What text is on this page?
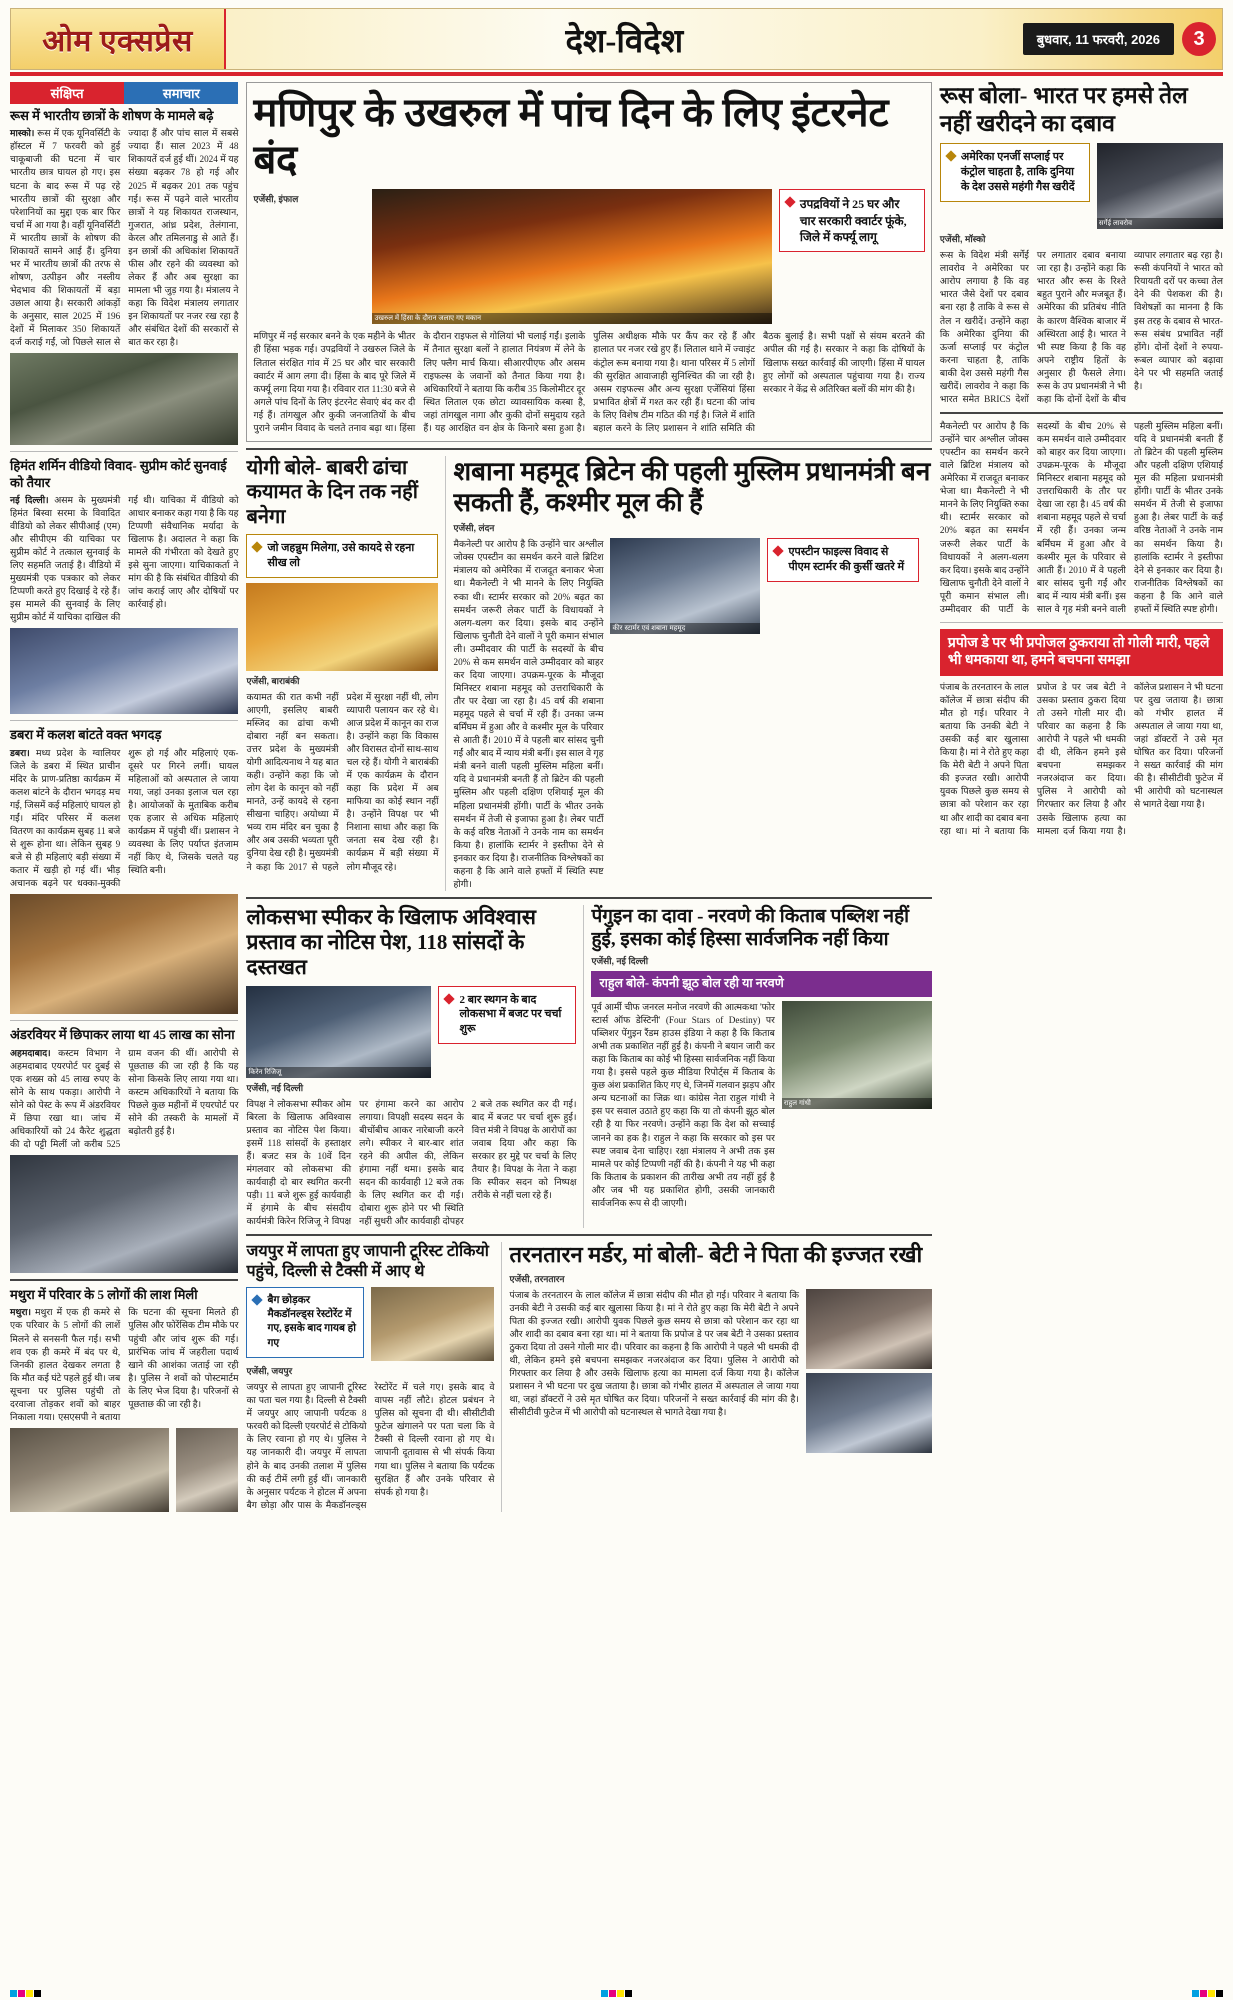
ओम एक्सप्रेस	देश-विदेश	बुधवार, 11 फरवरी, 2026	3
संक्षिप्त	समाचार
रूस में भारतीय छात्रों के शोषण के मामले बढ़े
मास्को। रूस में एक यूनिवर्सिटी के हॉस्टल में 7 फरवरी को हुई चाकूबाजी की घटना में चार भारतीय छात्र घायल हो गए। इस घटना के बाद रूस में पढ़ रहे भारतीय छात्रों की सुरक्षा और परेशानियों का मुद्दा एक बार फिर चर्चा में आ गया है। वहीं यूनिवर्सिटी में भारतीय छात्रों के शोषण की शिकायतें सामने आई हैं। दुनिया भर में भारतीय छात्रों की तरफ से शोषण, उत्पीड़न और नस्लीय भेदभाव की शिकायतों में बड़ा उछाल आया है। सरकारी आंकड़ों के अनुसार, साल 2025 में 196 देशों में मिलाकर 350 शिकायतें दर्ज कराई गईं, जो पिछले साल से ज्यादा हैं और पांच साल में सबसे ज्यादा हैं। साल 2023 में 48 शिकायतें दर्ज हुई थीं। 2024 में यह संख्या बढ़कर 78 हो गई और 2025 में बढ़कर 201 तक पहुंच गई। रूस में पढ़ने वाले भारतीय छात्रों ने यह शिकायत राजस्थान, गुजरात, आंध्र प्रदेश, तेलंगाना, केरल और तमिलनाडु से आते हैं। इन छात्रों की अधिकांश शिकायतें फीस और रहने की व्यवस्था को लेकर हैं और अब सुरक्षा का मामला भी जुड़ गया है। मंत्रालय ने कहा कि विदेश मंत्रालय लगातार इन शिकायतों पर नजर रख रहा है और संबंधित देशों की सरकारों से बात कर रहा है।
हिमंत शर्मिन वीडियो विवाद- सुप्रीम कोर्ट सुनवाई को तैयार
नई दिल्ली। असम के मुख्यमंत्री हिमंत बिस्वा सरमा के विवादित वीडियो को लेकर सीपीआई (एम) और सीपीएम की याचिका पर सुप्रीम कोर्ट ने तत्काल सुनवाई के लिए सहमति जताई है। वीडियो में मुख्यमंत्री एक पत्रकार को लेकर टिप्पणी करते हुए दिखाई दे रहे हैं। इस मामले की सुनवाई के लिए सुप्रीम कोर्ट में याचिका दाखिल की गई थी। याचिका में वीडियो को आधार बनाकर कहा गया है कि यह टिप्पणी संवैधानिक मर्यादा के खिलाफ है। अदालत ने कहा कि मामले की गंभीरता को देखते हुए इसे सुना जाएगा। याचिकाकर्ता ने मांग की है कि संबंधित वीडियो की जांच कराई जाए और दोषियों पर कार्रवाई हो।
डबरा में कलश बांटते वक्त भगदड़
डबरा। मध्य प्रदेश के ग्वालियर जिले के डबरा में स्थित प्राचीन मंदिर के प्राण-प्रतिष्ठा कार्यक्रम में कलश बांटने के दौरान भगदड़ मच गई, जिसमें कई महिलाएं घायल हो गईं। मंदिर परिसर में कलश वितरण का कार्यक्रम सुबह 11 बजे से शुरू होना था। लेकिन सुबह 9 बजे से ही महिलाएं बड़ी संख्या में कतार में खड़ी हो गई थीं। भीड़ अचानक बढ़ने पर धक्का-मुक्की शुरू हो गई और महिलाएं एक-दूसरे पर गिरने लगीं। घायल महिलाओं को अस्पताल ले जाया गया, जहां उनका इलाज चल रहा है। आयोजकों के मुताबिक करीब एक हजार से अधिक महिलाएं कार्यक्रम में पहुंची थीं। प्रशासन ने व्यवस्था के लिए पर्याप्त इंतजाम नहीं किए थे, जिसके चलते यह स्थिति बनी।
अंडरवियर में छिपाकर लाया था 45 लाख का सोना
अहमदाबाद। कस्टम विभाग ने अहमदाबाद एयरपोर्ट पर दुबई से एक शख्स को 45 लाख रुपए के सोने के साथ पकड़ा। आरोपी ने सोने को पेस्ट के रूप में अंडरवियर में छिपा रखा था। जांच में अधिकारियों को 24 कैरेट शुद्धता की दो पट्टी मिलीं जो करीब 525 ग्राम वजन की थीं। आरोपी से पूछताछ की जा रही है कि यह सोना किसके लिए लाया गया था। कस्टम अधिकारियों ने बताया कि पिछले कुछ महीनों में एयरपोर्ट पर सोने की तस्करी के मामलों में बढ़ोतरी हुई है।
मथुरा में परिवार के 5 लोगों की लाश मिली
मथुरा। मथुरा में एक ही कमरे से एक परिवार के 5 लोगों की लाशें मिलने से सनसनी फैल गई। सभी शव एक ही कमरे में बंद पर थे, जिनकी हालत देखकर लगता है कि मौत कई घंटे पहले हुई थी। जब सूचना पर पुलिस पहुंची तो दरवाजा तोड़कर शवों को बाहर निकाला गया। एसएसपी ने बताया कि घटना की सूचना मिलते ही पुलिस और फोरेंसिक टीम मौके पर पहुंची और जांच शुरू की गई। प्रारंभिक जांच में जहरीला पदार्थ खाने की आशंका जताई जा रही है। पुलिस ने शवों को पोस्टमार्टम के लिए भेज दिया है। परिजनों से पूछताछ की जा रही है।
मणिपुर के उखरुल में पांच दिन के लिए इंटरनेट बंद
एजेंसी, इंफाल
उखरुल में हिंसा के दौरान जलाए गए मकान
उपद्रवियों ने 25 घर और चार सरकारी क्वार्टर फूंके, जिले में कर्फ्यू लागू
मणिपुर में नई सरकार बनने के एक महीने के भीतर ही हिंसा भड़क गई। उपद्रवियों ने उखरुल जिले के लिताल संरक्षित गांव में 25 घर और चार सरकारी क्वार्टर में आग लगा दी। हिंसा के बाद पूरे जिले में कर्फ्यू लगा दिया गया है। रविवार रात 11:30 बजे से अगले पांच दिनों के लिए इंटरनेट सेवाएं बंद कर दी गई हैं। तांगखुल और कुकी जनजातियों के बीच पुराने जमीन विवाद के चलते तनाव बढ़ा था। हिंसा के दौरान राइफल से गोलियां भी चलाई गईं। इलाके में तैनात सुरक्षा बलों ने हालात नियंत्रण में लेने के लिए फ्लैग मार्च किया। सीआरपीएफ और असम राइफल्स के जवानों को तैनात किया गया है। अधिकारियों ने बताया कि करीब 35 किलोमीटर दूर स्थित लिताल एक छोटा व्यावसायिक कस्बा है, जहां तांगखुल नागा और कुकी दोनों समुदाय रहते हैं। यह आरक्षित वन क्षेत्र के किनारे बसा हुआ है। पुलिस अधीक्षक मौके पर कैंप कर रहे हैं और हालात पर नजर रखे हुए हैं। लिताल थाने में ज्वाइंट कंट्रोल रूम बनाया गया है। थाना परिसर में 5 लोगों की सुरक्षित आवाजाही सुनिश्चित की जा रही है। असम राइफल्स और अन्य सुरक्षा एजेंसियां हिंसा प्रभावित क्षेत्रों में गश्त कर रही हैं। घटना की जांच के लिए विशेष टीम गठित की गई है। जिले में शांति बहाल करने के लिए प्रशासन ने शांति समिति की बैठक बुलाई है। सभी पक्षों से संयम बरतने की अपील की गई है। सरकार ने कहा कि दोषियों के खिलाफ सख्त कार्रवाई की जाएगी। हिंसा में घायल हुए लोगों को अस्पताल पहुंचाया गया है। राज्य सरकार ने केंद्र से अतिरिक्त बलों की मांग की है।
योगी बोले- बाबरी ढांचा कयामत के दिन तक नहीं बनेगा
जो जहन्नुम मिलेगा, उसे कायदे से रहना सीख लो
एजेंसी, बाराबंकी
कयामत की रात कभी नहीं आएगी, इसलिए बाबरी मस्जिद का ढांचा कभी दोबारा नहीं बन सकता। उत्तर प्रदेश के मुख्यमंत्री योगी आदित्यनाथ ने यह बात कही। उन्होंने कहा कि जो लोग देश के कानून को नहीं मानते, उन्हें कायदे से रहना सीखना चाहिए। अयोध्या में भव्य राम मंदिर बन चुका है और अब उसकी भव्यता पूरी दुनिया देख रही है। मुख्यमंत्री ने कहा कि 2017 से पहले प्रदेश में सुरक्षा नहीं थी, लोग व्यापारी पलायन कर रहे थे। आज प्रदेश में कानून का राज है। उन्होंने कहा कि विकास और विरासत दोनों साथ-साथ चल रहे हैं। योगी ने बाराबंकी में एक कार्यक्रम के दौरान कहा कि प्रदेश में अब माफिया का कोई स्थान नहीं है। उन्होंने विपक्ष पर भी निशाना साधा और कहा कि जनता सब देख रही है। कार्यक्रम में बड़ी संख्या में लोग मौजूद रहे।
शबाना महमूद ब्रिटेन की पहली मुस्लिम प्रधानमंत्री बन सकती हैं, कश्मीर मूल की हैं
एजेंसी, लंदन
मैकनेल्टी पर आरोप है कि उन्होंने चार अश्लील जोक्स एपस्टीन का समर्थन करने वाले ब्रिटिश मंत्रालय को अमेरिका में राजदूत बनाकर भेजा था। मैकनेल्टी ने भी मानने के लिए नियुक्ति रुका थी। स्टार्मर सरकार को 20% बढ़त का समर्थन जरूरी लेकर पार्टी के विधायकों ने अलग-थलग कर दिया। इसके बाद उन्होंने खिलाफ चुनौती देने वालों ने पूरी कमान संभाल ली। उम्मीदवार की पार्टी के सदस्यों के बीच 20% से कम समर्थन वाले उम्मीदवार को बाहर कर दिया जाएगा। उपक्रम-पूरक के मौजूदा मिनिस्टर शबाना महमूद को उत्तराधिकारी के तौर पर देखा जा रहा है। 45 वर्ष की शबाना महमूद पहले से चर्चा में रही हैं। उनका जन्म बर्मिंघम में हुआ और वे कश्मीर मूल के परिवार से आती हैं। 2010 में वे पहली बार सांसद चुनी गईं और बाद में न्याय मंत्री बनीं। इस साल वे गृह मंत्री बनने वाली पहली मुस्लिम महिला बनीं। यदि वे प्रधानमंत्री बनती हैं तो ब्रिटेन की पहली मुस्लिम और पहली दक्षिण एशियाई मूल की महिला प्रधानमंत्री होंगी। पार्टी के भीतर उनके समर्थन में तेजी से इजाफा हुआ है। लेबर पार्टी के कई वरिष्ठ नेताओं ने उनके नाम का समर्थन किया है। हालांकि स्टार्मर ने इस्तीफा देने से इनकार कर दिया है। राजनीतिक विश्लेषकों का कहना है कि आने वाले हफ्तों में स्थिति स्पष्ट होगी।
कीर स्टार्मर एवं शबाना महमूद
एपस्टीन फाइल्स विवाद से पीएम स्टार्मर की कुर्सी खतरे में
लोकसभा स्पीकर के खिलाफ अविश्वास प्रस्ताव का नोटिस पेश, 118 सांसदों के दस्तखत
किरेन रिजिजू
2 बार स्थगन के बाद लोकसभा में बजट पर चर्चा शुरू
एजेंसी, नई दिल्ली
विपक्ष ने लोकसभा स्पीकर ओम बिरला के खिलाफ अविश्वास प्रस्ताव का नोटिस पेश किया। इसमें 118 सांसदों के हस्ताक्षर हैं। बजट सत्र के 10वें दिन मंगलवार को लोकसभा की कार्यवाही दो बार स्थगित करनी पड़ी। 11 बजे शुरू हुई कार्यवाही में हंगामे के बीच संसदीय कार्यमंत्री किरेन रिजिजू ने विपक्ष पर हंगामा करने का आरोप लगाया। विपक्षी सदस्य सदन के बीचोंबीच आकर नारेबाजी करने लगे। स्पीकर ने बार-बार शांत रहने की अपील की, लेकिन हंगामा नहीं थमा। इसके बाद सदन की कार्यवाही 12 बजे तक के लिए स्थगित कर दी गई। दोबारा शुरू होने पर भी स्थिति नहीं सुधरी और कार्यवाही दोपहर 2 बजे तक स्थगित कर दी गई। बाद में बजट पर चर्चा शुरू हुई। वित्त मंत्री ने विपक्ष के आरोपों का जवाब दिया और कहा कि सरकार हर मुद्दे पर चर्चा के लिए तैयार है। विपक्ष के नेता ने कहा कि स्पीकर सदन को निष्पक्ष तरीके से नहीं चला रहे हैं।
पेंगुइन का दावा - नरवणे की किताब पब्लिश नहीं हुई, इसका कोई हिस्सा सार्वजनिक नहीं किया
एजेंसी, नई दिल्ली
राहुल बोले- कंपनी झूठ बोल रही या नरवणे
पूर्व आर्मी चीफ जनरल मनोज नरवणे की आत्मकथा 'फोर स्टार्स ऑफ डेस्टिनी' (Four Stars of Destiny) पर पब्लिशर पेंगुइन रैंडम हाउस इंडिया ने कहा है कि किताब अभी तक प्रकाशित नहीं हुई है। कंपनी ने बयान जारी कर कहा कि किताब का कोई भी हिस्सा सार्वजनिक नहीं किया गया है। इससे पहले कुछ मीडिया रिपोर्ट्स में किताब के कुछ अंश प्रकाशित किए गए थे, जिनमें गलवान झड़प और अन्य घटनाओं का जिक्र था। कांग्रेस नेता राहुल गांधी ने इस पर सवाल उठाते हुए कहा कि या तो कंपनी झूठ बोल रही है या फिर नरवणे। उन्होंने कहा कि देश को सच्चाई जानने का हक है। राहुल ने कहा कि सरकार को इस पर स्पष्ट जवाब देना चाहिए। रक्षा मंत्रालय ने अभी तक इस मामले पर कोई टिप्पणी नहीं की है। कंपनी ने यह भी कहा कि किताब के प्रकाशन की तारीख अभी तय नहीं हुई है और जब भी यह प्रकाशित होगी, उसकी जानकारी सार्वजनिक रूप से दी जाएगी।
राहुल गांधी
जयपुर में लापता हुए जापानी टूरिस्ट टोकियो पहुंचे, दिल्ली से टैक्सी में आए थे
बैग छोड़कर मैकडॉनल्ड्स रेस्टोरेंट में गए, इसके बाद गायब हो गए
एजेंसी, जयपुर
जयपुर से लापता हुए जापानी टूरिस्ट का पता चल गया है। दिल्ली से टैक्सी में जयपुर आए जापानी पर्यटक 8 फरवरी को दिल्ली एयरपोर्ट से टोकियो के लिए रवाना हो गए थे। पुलिस ने यह जानकारी दी। जयपुर में लापता होने के बाद उनकी तलाश में पुलिस की कई टीमें लगी हुई थीं। जानकारी के अनुसार पर्यटक ने होटल में अपना बैग छोड़ा और पास के मैकडॉनल्ड्स रेस्टोरेंट में चले गए। इसके बाद वे वापस नहीं लौटे। होटल प्रबंधन ने पुलिस को सूचना दी थी। सीसीटीवी फुटेज खंगालने पर पता चला कि वे टैक्सी से दिल्ली रवाना हो गए थे। जापानी दूतावास से भी संपर्क किया गया था। पुलिस ने बताया कि पर्यटक सुरक्षित हैं और उनके परिवार से संपर्क हो गया है।
तरनतारन मर्डर, मां बोली- बेटी ने पिता की इज्जत रखी
एजेंसी, तरनतारन
पंजाब के तरनतारन के लाल कॉलेज में छात्रा संदीप की मौत हो गई। परिवार ने बताया कि उनकी बेटी ने उसकी कई बार खुलासा किया है। मां ने रोते हुए कहा कि मेरी बेटी ने अपने पिता की इज्जत रखी। आरोपी युवक पिछले कुछ समय से छात्रा को परेशान कर रहा था और शादी का दबाव बना रहा था। मां ने बताया कि प्रपोज डे पर जब बेटी ने उसका प्रस्ताव ठुकरा दिया तो उसने गोली मार दी। परिवार का कहना है कि आरोपी ने पहले भी धमकी दी थी, लेकिन हमने इसे बचपना समझकर नजरअंदाज कर दिया। पुलिस ने आरोपी को गिरफ्तार कर लिया है और उसके खिलाफ हत्या का मामला दर्ज किया गया है। कॉलेज प्रशासन ने भी घटना पर दुख जताया है। छात्रा को गंभीर हालत में अस्पताल ले जाया गया था, जहां डॉक्टरों ने उसे मृत घोषित कर दिया। परिजनों ने सख्त कार्रवाई की मांग की है। सीसीटीवी फुटेज में भी आरोपी को घटनास्थल से भागते देखा गया है।
रूस बोला- भारत पर हमसे तेल नहीं खरीदने का दबाव
अमेरिका एनर्जी सप्लाई पर कंट्रोल चाहता है, ताकि दुनिया के देश उससे महंगी गैस खरीदें
सर्गेई लावरोव
एजेंसी, मॉस्को
रूस के विदेश मंत्री सर्गेई लावरोव ने अमेरिका पर आरोप लगाया है कि वह भारत जैसे देशों पर दबाव बना रहा है ताकि वे रूस से तेल न खरीदें। उन्होंने कहा कि अमेरिका दुनिया की ऊर्जा सप्लाई पर कंट्रोल करना चाहता है, ताकि बाकी देश उससे महंगी गैस खरीदें। लावरोव ने कहा कि भारत समेत BRICS देशों पर लगातार दबाव बनाया जा रहा है। उन्होंने कहा कि भारत और रूस के रिश्ते बहुत पुराने और मजबूत हैं। अमेरिका की प्रतिबंध नीति के कारण वैश्विक बाजार में अस्थिरता आई है। भारत ने भी स्पष्ट किया है कि वह अपने राष्ट्रीय हितों के अनुसार ही फैसले लेगा। रूस के उप प्रधानमंत्री ने भी कहा कि दोनों देशों के बीच व्यापार लगातार बढ़ रहा है। रूसी कंपनियों ने भारत को रियायती दरों पर कच्चा तेल देने की पेशकश की है। विशेषज्ञों का मानना है कि इस तरह के दबाव से भारत-रूस संबंध प्रभावित नहीं होंगे। दोनों देशों ने रुपया-रूबल व्यापार को बढ़ावा देने पर भी सहमति जताई है।
मैकनेल्टी पर आरोप है कि उन्होंने चार अश्लील जोक्स एपस्टीन का समर्थन करने वाले ब्रिटिश मंत्रालय को अमेरिका में राजदूत बनाकर भेजा था। मैकनेल्टी ने भी मानने के लिए नियुक्ति रुका थी। स्टार्मर सरकार को 20% बढ़त का समर्थन जरूरी लेकर पार्टी के विधायकों ने अलग-थलग कर दिया। इसके बाद उन्होंने खिलाफ चुनौती देने वालों ने पूरी कमान संभाल ली। उम्मीदवार की पार्टी के सदस्यों के बीच 20% से कम समर्थन वाले उम्मीदवार को बाहर कर दिया जाएगा। उपक्रम-पूरक के मौजूदा मिनिस्टर शबाना महमूद को उत्तराधिकारी के तौर पर देखा जा रहा है। 45 वर्ष की शबाना महमूद पहले से चर्चा में रही हैं। उनका जन्म बर्मिंघम में हुआ और वे कश्मीर मूल के परिवार से आती हैं। 2010 में वे पहली बार सांसद चुनी गईं और बाद में न्याय मंत्री बनीं। इस साल वे गृह मंत्री बनने वाली पहली मुस्लिम महिला बनीं। यदि वे प्रधानमंत्री बनती हैं तो ब्रिटेन की पहली मुस्लिम और पहली दक्षिण एशियाई मूल की महिला प्रधानमंत्री होंगी। पार्टी के भीतर उनके समर्थन में तेजी से इजाफा हुआ है। लेबर पार्टी के कई वरिष्ठ नेताओं ने उनके नाम का समर्थन किया है। हालांकि स्टार्मर ने इस्तीफा देने से इनकार कर दिया है। राजनीतिक विश्लेषकों का कहना है कि आने वाले हफ्तों में स्थिति स्पष्ट होगी।
प्रपोज डे पर भी प्रपोजल ठुकराया तो गोली मारी, पहले भी धमकाया था, हमने बचपना समझा
पंजाब के तरनतारन के लाल कॉलेज में छात्रा संदीप की मौत हो गई। परिवार ने बताया कि उनकी बेटी ने उसकी कई बार खुलासा किया है। मां ने रोते हुए कहा कि मेरी बेटी ने अपने पिता की इज्जत रखी। आरोपी युवक पिछले कुछ समय से छात्रा को परेशान कर रहा था और शादी का दबाव बना रहा था। मां ने बताया कि प्रपोज डे पर जब बेटी ने उसका प्रस्ताव ठुकरा दिया तो उसने गोली मार दी। परिवार का कहना है कि आरोपी ने पहले भी धमकी दी थी, लेकिन हमने इसे बचपना समझकर नजरअंदाज कर दिया। पुलिस ने आरोपी को गिरफ्तार कर लिया है और उसके खिलाफ हत्या का मामला दर्ज किया गया है। कॉलेज प्रशासन ने भी घटना पर दुख जताया है। छात्रा को गंभीर हालत में अस्पताल ले जाया गया था, जहां डॉक्टरों ने उसे मृत घोषित कर दिया। परिजनों ने सख्त कार्रवाई की मांग की है। सीसीटीवी फुटेज में भी आरोपी को घटनास्थल से भागते देखा गया है।
